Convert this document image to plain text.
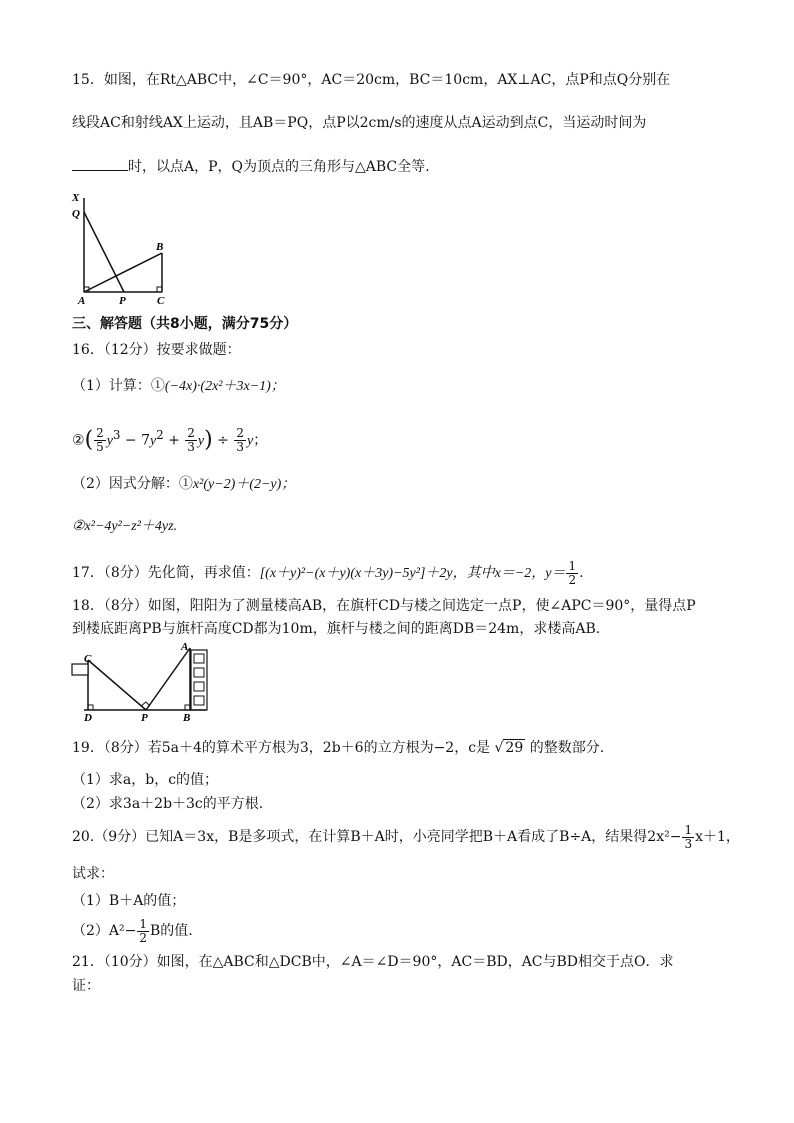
15．如图，在Rt△ABC中，∠C＝90°，AC＝20cm，BC＝10cm，AX⊥AC，点P和点Q分别在
线段AC和射线AX上运动，且AB＝PQ，点P以2cm/s的速度从点A运动到点C，当运动时间为
时，以点A，P，Q为顶点的三角形与△ABC全等.
X
Q
B
A	P	C
三、解答题（共8小题，满分75分）
16．（12分）按要求做题：
（1）计算：①(−4x)·(2x²＋3x−1)；
②( $\frac{2}{5} y^3 - 7y^2 + \frac{2}{3} y) \div \frac{2}{3}$ y；
（2）因式分解：①x²(y−2)＋(2−y)；
②x²−4y²−z²＋4yz.
17．（8分）先化简，再求值：[(x＋y)²−(x＋y)(x＋3y)−5y²]＋2y，其中x＝−2，$y= \frac{1}{2}$ .
18．（8分）如图，阳阳为了测量楼高AB，在旗杆CD与楼之间选定一点P，使∠APC＝90°，量得点P
到楼底距离PB与旗杆高度CD都为10m，旗杆与楼之间的距离DB＝24m，求楼高AB.
C
A
D	P	B
19．（8分）若5a＋4的算术平方根为3，2b＋6的立方根为−2，c是 √ 29 的整数部分.
（1）求a，b，c的值；
（2）求3a＋2b＋3c的平方根.
20.（9分）已知A＝3x，B是多项式，在计算B＋A时，小亮同学把B＋A看成了B÷A，结果得$2x^2- \frac{1}{3} x+1$，
试求：
（1）B＋A的值；
$(2)A^2- \frac{1}{2}$ B的值.
21．（10分）如图，在△ABC和△DCB中，∠A＝∠D＝90°，AC＝BD，AC与BD相交于点O．求
证：
